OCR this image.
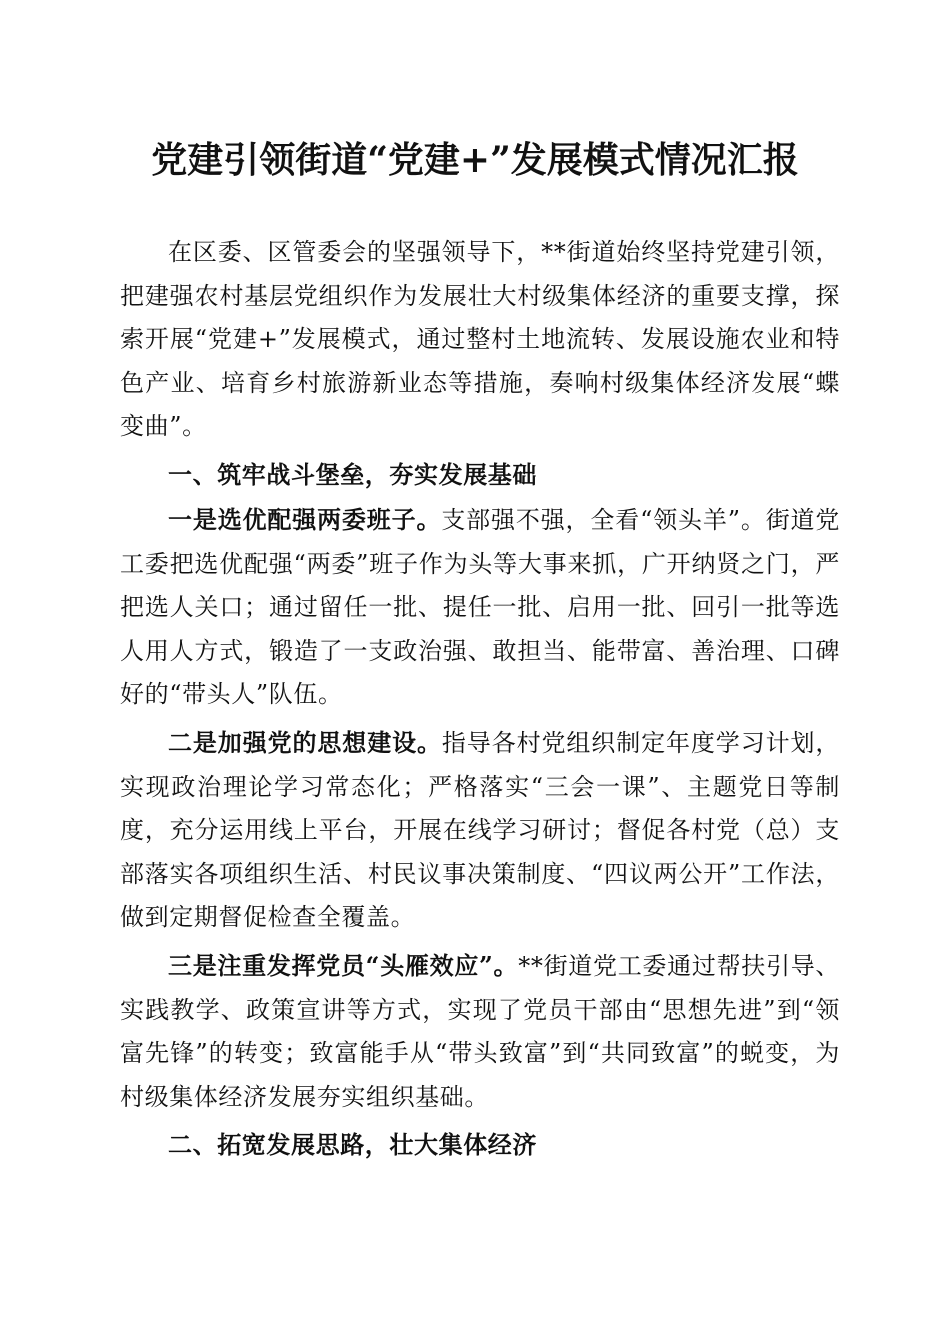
党建引领街道“党建+”发展模式情况汇报

在区委、区管委会的坚强领导下，**街道始终坚持党建引领，把建强农村基层党组织作为发展壮大村级集体经济的重要支撑，探索开展“党建+”发展模式，通过整村土地流转、发展设施农业和特色产业、培育乡村旅游新业态等措施，奏响村级集体经济发展“蝶变曲”。

一、筑牢战斗堡垒，夯实发展基础

一是选优配强两委班子。支部强不强，全看“领头羊”。街道党工委把选优配强“两委”班子作为头等大事来抓，广开纳贤之门，严把选人关口；通过留任一批、提任一批、启用一批、回引一批等选人用人方式，锻造了一支政治强、敢担当、能带富、善治理、口碑好的“带头人”队伍。

二是加强党的思想建设。指导各村党组织制定年度学习计划，实现政治理论学习常态化；严格落实“三会一课”、主题党日等制度，充分运用线上平台，开展在线学习研讨；督促各村党（总）支部落实各项组织生活、村民议事决策制度、“四议两公开”工作法，做到定期督促检查全覆盖。

三是注重发挥党员“头雁效应”。**街道党工委通过帮扶引导、实践教学、政策宣讲等方式，实现了党员干部由“思想先进”到“领富先锋”的转变；致富能手从“带头致富”到“共同致富”的蜕变，为村级集体经济发展夯实组织基础。

二、拓宽发展思路，壮大集体经济
